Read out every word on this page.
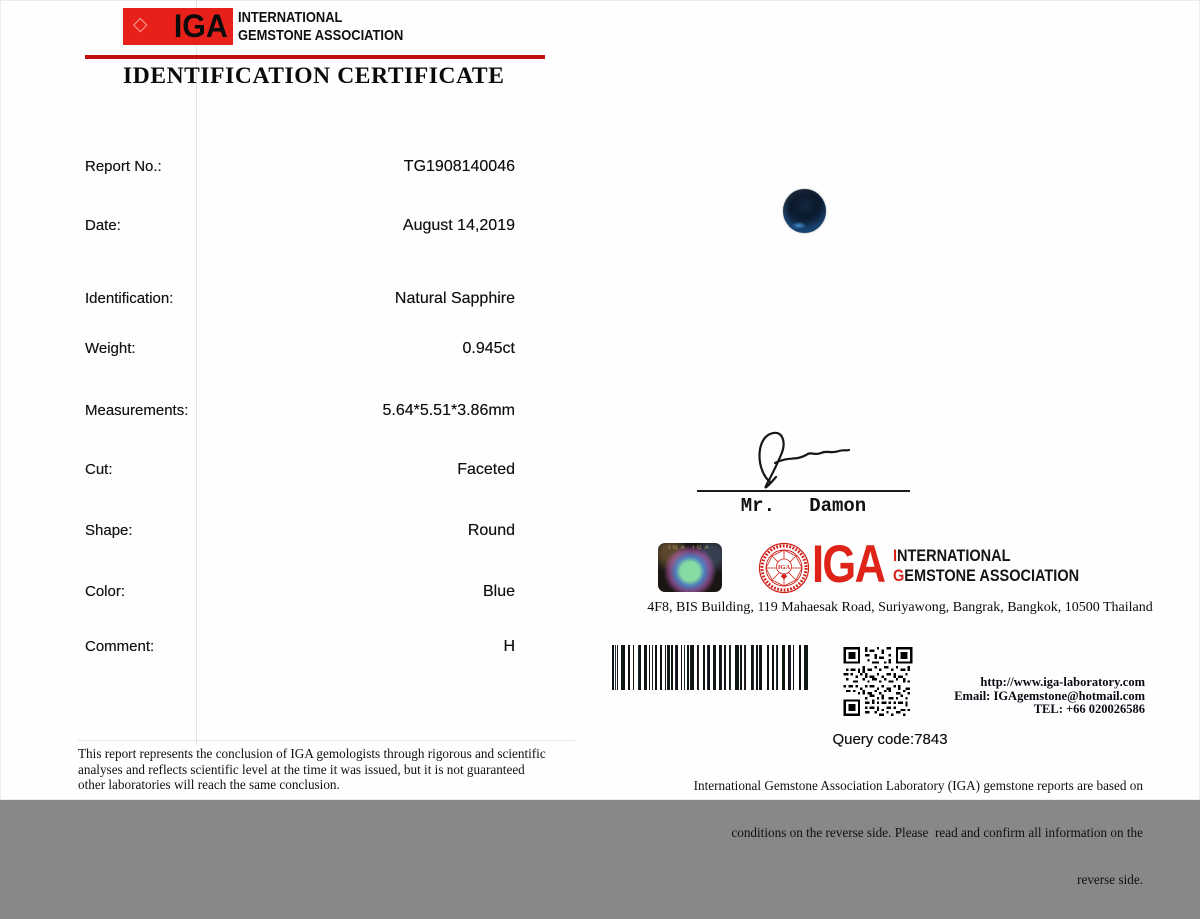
◇ IGA INTERNATIONAL
GEMSTONE ASSOCIATION
IDENTIFICATION CERTIFICATE
Report No.:	TG1908140046
Date:	August 14,2019
Identification:	Natural Sapphire
Weight:	0.945ct
Measurements:	5.64*5.51*3.86mm
Cut:	Faceted
Shape:	Round
Color:	Blue
Comment:	H
This report represents the conclusion of IGA gemologists through rigorous and scientific
analyses and reflects scientific level at the time it was issued, but it is not guaranteed
other laboratories will reach the same conclusion.
Mr.   Damon
IGA IGA
IGA IGA INTERNATIONAL
GEMSTONE ASSOCIATION
4F8, BIS Building, 119 Mahaesak Road, Suriyawong, Bangrak, Bangkok, 10500 Thailand
http://www.iga-laboratory.com
Email: IGAgemstone@hotmail.com
TEL: +66 020026586
Query code:7843

International Gemstone Association Laboratory (IGA) gemstone reports are based on

conditions on the reverse side. Please  read and confirm all information on the

reverse side.
